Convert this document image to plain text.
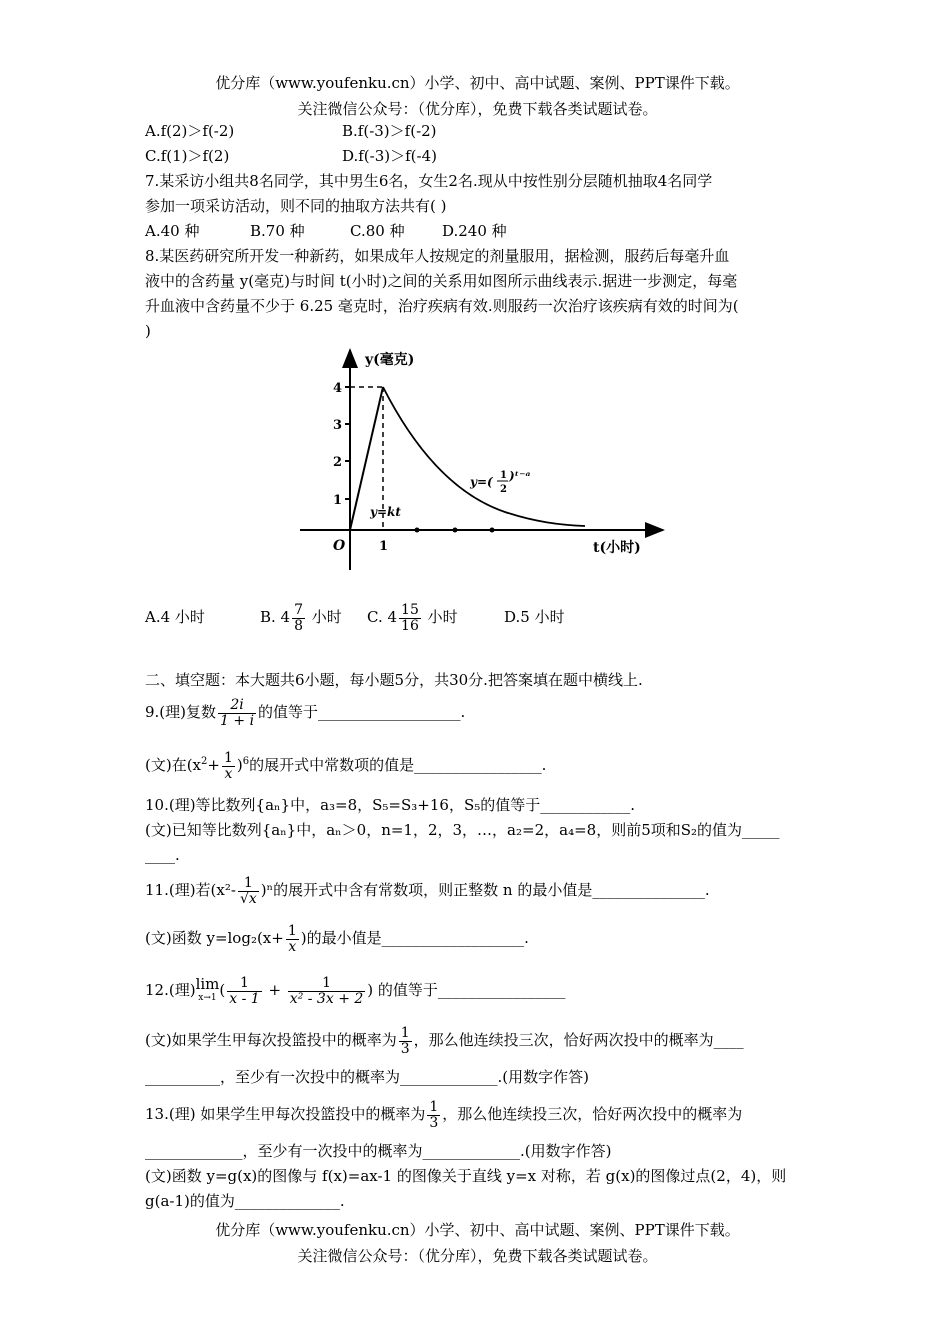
优分库（www.youfenku.cn）小学、初中、高中试题、案例、PPT课件下载。
关注微信公众号：（优分库），免费下载各类试题试卷。
A.f(2)＞f(-2)	B.f(-3)＞f(-2)
C.f(1)＞f(2)	D.f(-3)＞f(-4)
7.某采访小组共8名同学，其中男生6名，女生2名.现从中按性别分层随机抽取4名同学
参加一项采访活动，则不同的抽取方法共有( )
A.40 种	B.70 种	C.80 种 D.240 种
8.某医药研究所开发一种新药，如果成年人按规定的剂量服用，据检测，服药后每毫升血
液中的含药量 y(毫克)与时间 t(小时)之间的关系用如图所示曲线表示.据进一步测定，每毫
升血液中含药量不少于 6.25 毫克时，治疗疾病有效.则服药一次治疗该疾病有效的时间为(
)
y(毫克)
t(小时)
O
1
2
3
4
1
y=kt
y=( 1
2
)ᵗ⁻ᵃ
A.4 小时	B. $4 \frac{7}{8}$ 小时 C. $4 \frac{15}{16}$ 小时	D.5 小时
二、填空题：本大题共6小题，每小题5分，共30分.把答案填在题中横线上.
9.(理)复数 $\frac{2i}{1 + i}$ 的值等于___________________.
(文)在$(x^2+ \frac{1}{x} )^6$的展开式中常数项的值是_________________.
10.(理)等比数列{aₙ}中，a₃=8，S₅=S₃+16，S₅的值等于____________.
(文)已知等比数列{aₙ}中，aₙ＞0，n=1，2，3，…，a₂=2，a₄=8，则前5项和S₂的值为_____
____.
11.(理)若$(x^2- \frac{1}{√x} )^n$的展开式中含有常数项，则正整数 n 的最小值是_______________.
(文)函数 $y=\log_2(x+ \frac{1}{x}$ )的最小值是___________________.
12.(理) lim
x→1 ( $\frac{1}{x - 1} + \frac{1}{\text{x² - 3x + 2}}$ ) 的值等于_________________
(文)如果学生甲每次投篮投中的概率为 $\frac{1}{3}$ ，那么他连续投三次，恰好两次投中的概率为____
__________，至少有一次投中的概率为_____________.(用数字作答)
13.(理) 如果学生甲每次投篮投中的概率为 $\frac{1}{3}$ ，那么他连续投三次，恰好两次投中的概率为
_____________，至少有一次投中的概率为_____________.(用数字作答)
(文)函数 y=g(x)的图像与 f(x)=ax-1 的图像关于直线 y=x 对称，若 g(x)的图像过点(2，4)，则
g(a-1)的值为______________.
优分库（www.youfenku.cn）小学、初中、高中试题、案例、PPT课件下载。
关注微信公众号：（优分库），免费下载各类试题试卷。
